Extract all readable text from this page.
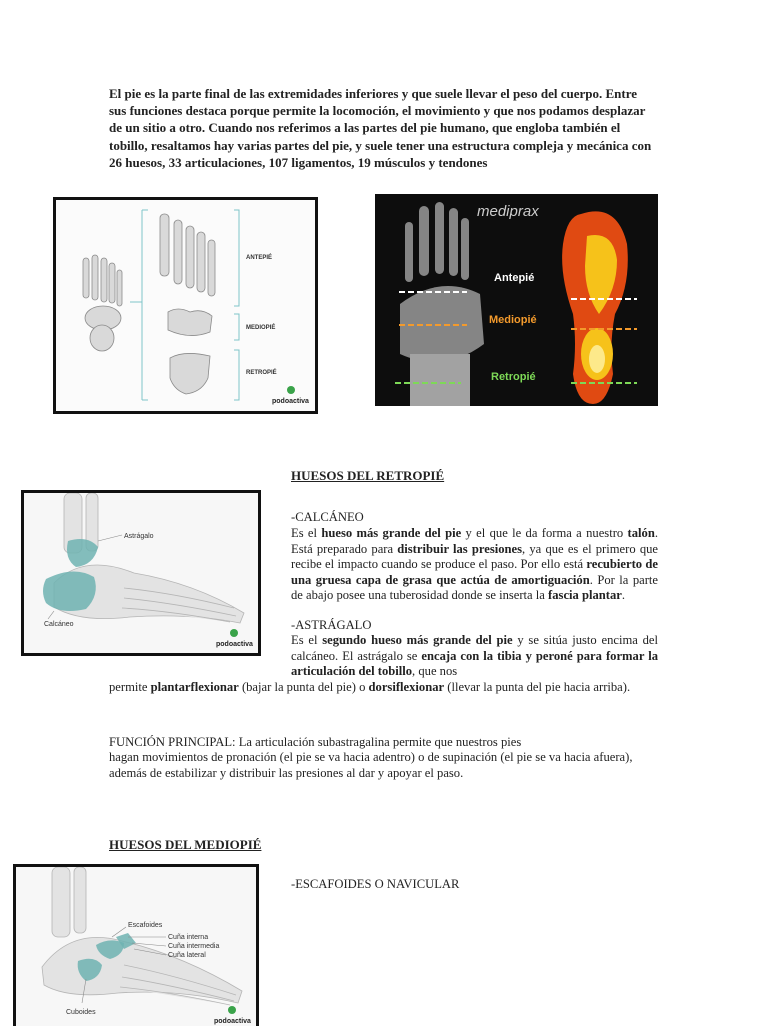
El pie es la parte final de las extremidades inferiores y que suele llevar el peso del cuerpo. Entre sus funciones destaca porque permite la locomoción, el movimiento y que nos podamos desplazar de un sitio a otro. Cuando nos referimos a las partes del pie humano, que engloba también el tobillo, resaltamos hay varias partes del pie, y suele tener una estructura compleja y mecánica con 26 huesos, 33 articulaciones, 107 ligamentos, 19 músculos y tendones
ANTEPIÉ
MEDIOPIÉ
RETROPIÉ
podoactiva
mediprax
Antepié
Mediopié
Retropié
HUESOS DEL RETROPIÉ
Astrágalo
Calcáneo
podoactiva
-CALCÁNEO
Es el hueso más grande del pie y el que le da forma a nuestro talón. Está preparado para distribuir las presiones, ya que es el primero que recibe el impacto cuando se produce el paso. Por ello está recubierto de una gruesa capa de grasa que actúa de amortiguación. Por la parte de abajo posee una tuberosidad donde se inserta la fascia plantar.
-ASTRÁGALO
Es el segundo hueso más grande del pie y se sitúa justo encima del calcáneo. El astrágalo se encaja con la tibia y peroné para formar la articulación del tobillo, que nos
permite plantarflexionar (bajar la punta del pie) o dorsiflexionar (llevar la punta del pie hacia arriba).
FUNCIÓN PRINCIPAL: La articulación subastragalina permite que nuestros pies
hagan movimientos de pronación (el pie se va hacia adentro) o de supinación (el pie se va hacia afuera), además de estabilizar y distribuir las presiones al dar y apoyar el paso.
HUESOS DEL MEDIOPIÉ
Escafoides
Cuña interna
Cuña intermedia
Cuña lateral
Cuboides
podoactiva
-ESCAFOIDES O NAVICULAR
